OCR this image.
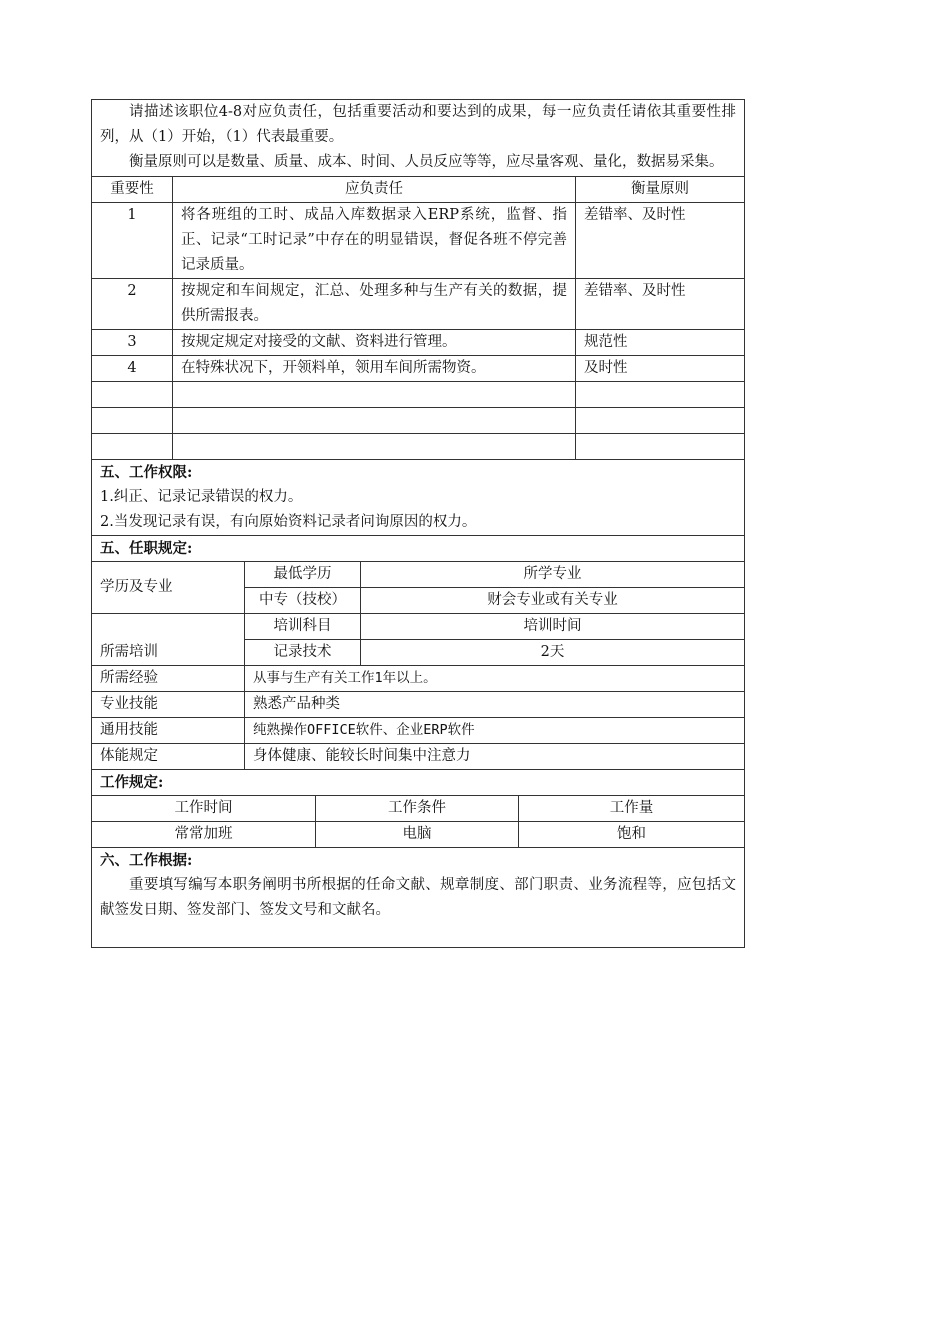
请描述该职位4-8对应负责任，包括重要活动和要达到的成果，每一应负责任请依其重要性排列，从（1）开始，（1）代表最重要。

衡量原则可以是数量、质量、成本、时间、人员反应等等，应尽量客观、量化，数据易采集。		

重要性	应负责任	衡量原则
1	将各班组的工时、成品入库数据录入ERP系统，监督、指正、记录“工时记录”中存在的明显错误，督促各班不停完善记录质量。	差错率、及时性
2	按规定和车间规定，汇总、处理多种与生产有关的数据，提供所需报表。	差错率、及时性
3	按规定规定对接受的文献、资料进行管理。	规范性
4	在特殊状况下，开领料单，领用车间所需物资。	及时性

五、工作权限:
1.纠正、记录记录错误的权力。
2.当发现记录有误，有向原始资料记录者问询原因的权力。		
五、任职规定:		
学历及专业	最低学历	所学专业
	中专（技校）	财会专业或有关专业
所需培训	培训科目	培训时间
	记录技术	2天
所需经验	从事与生产有关工作1年以上。	
专业技能	熟悉产品种类	
通用技能	纯熟操作OFFICE软件、企业ERP软件	
体能规定	身体健康、能较长时间集中注意力	
工作规定:		
工作时间	工作条件	工作量
常常加班	电脑	饱和

六、工作根据:

重要填写编写本职务阐明书所根据的任命文献、规章制度、部门职责、业务流程等，应包括文献签发日期、签发部门、签发文号和文献名。		
